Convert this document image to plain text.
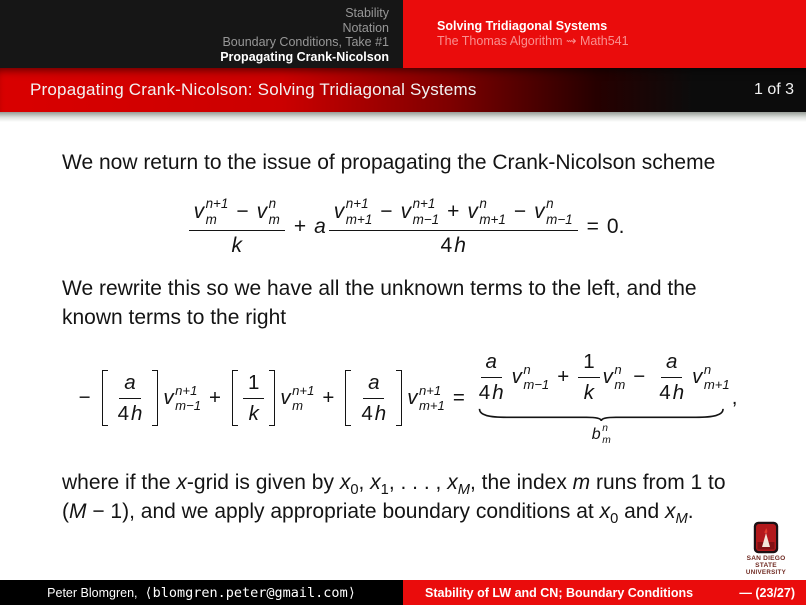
Stability
Notation
Boundary Conditions, Take #1
Propagating Crank-Nicolson
Solving Tridiagonal Systems
The Thomas Algorithm ⇝ Math541
Propagating Crank-Nicolson: Solving Tridiagonal Systems	1 of 3

We now return to the issue of propagating the Crank-Nicolson scheme

v n+1
m − v n
m
k
+ a
v n+1
m+1 − v n+1
m−1 + v n
m+1 − v n
m−1
4 h
= 0.

We rewrite this so we have all the unknown terms to the left, and the known terms to the right

− $\frac{a}{4 h}$ v n+1
$m-1 + \frac{1}{k}$ v n+1
$m + \frac{a}{4 h}$ v n+1
$m+1 = \frac{a}{4 h}$ v n
$m-1 + \frac{1}{k}$ v n
$m - \frac{a}{4 h}$ v n
m+1
b n
m
,

where if the x-grid is given by $x_0$, $x_1$, . . . , $x_M$, the index m runs from 1 to (M − 1), and we apply appropriate boundary conditions at $x_0$ and $x_M$.

SAN DIEGO STATE
UNIVERSITY
Peter Blomgren, ⟨blomgren.peter@gmail.com⟩	Stability of LW and CN; Boundary Conditions	— (23/27)
